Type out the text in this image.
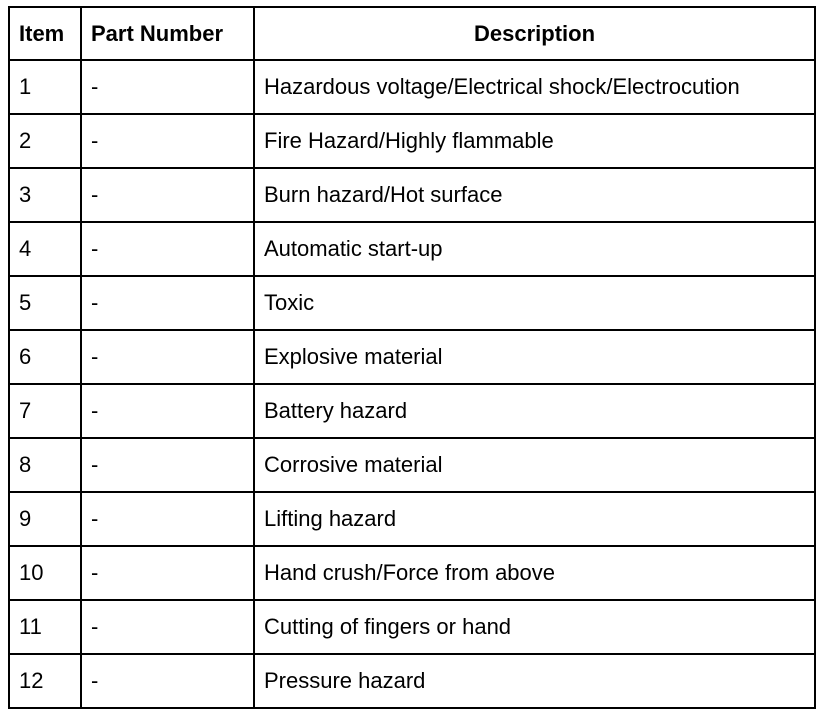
Item	Part Number	Description
1	-	Hazardous voltage/Electrical shock/Electrocution
2	-	Fire Hazard/Highly flammable
3	-	Burn hazard/Hot surface
4	-	Automatic start-up
5	-	Toxic
6	-	Explosive material
7	-	Battery hazard
8	-	Corrosive material
9	-	Lifting hazard
10	-	Hand crush/Force from above
11	-	Cutting of fingers or hand
12	-	Pressure hazard
